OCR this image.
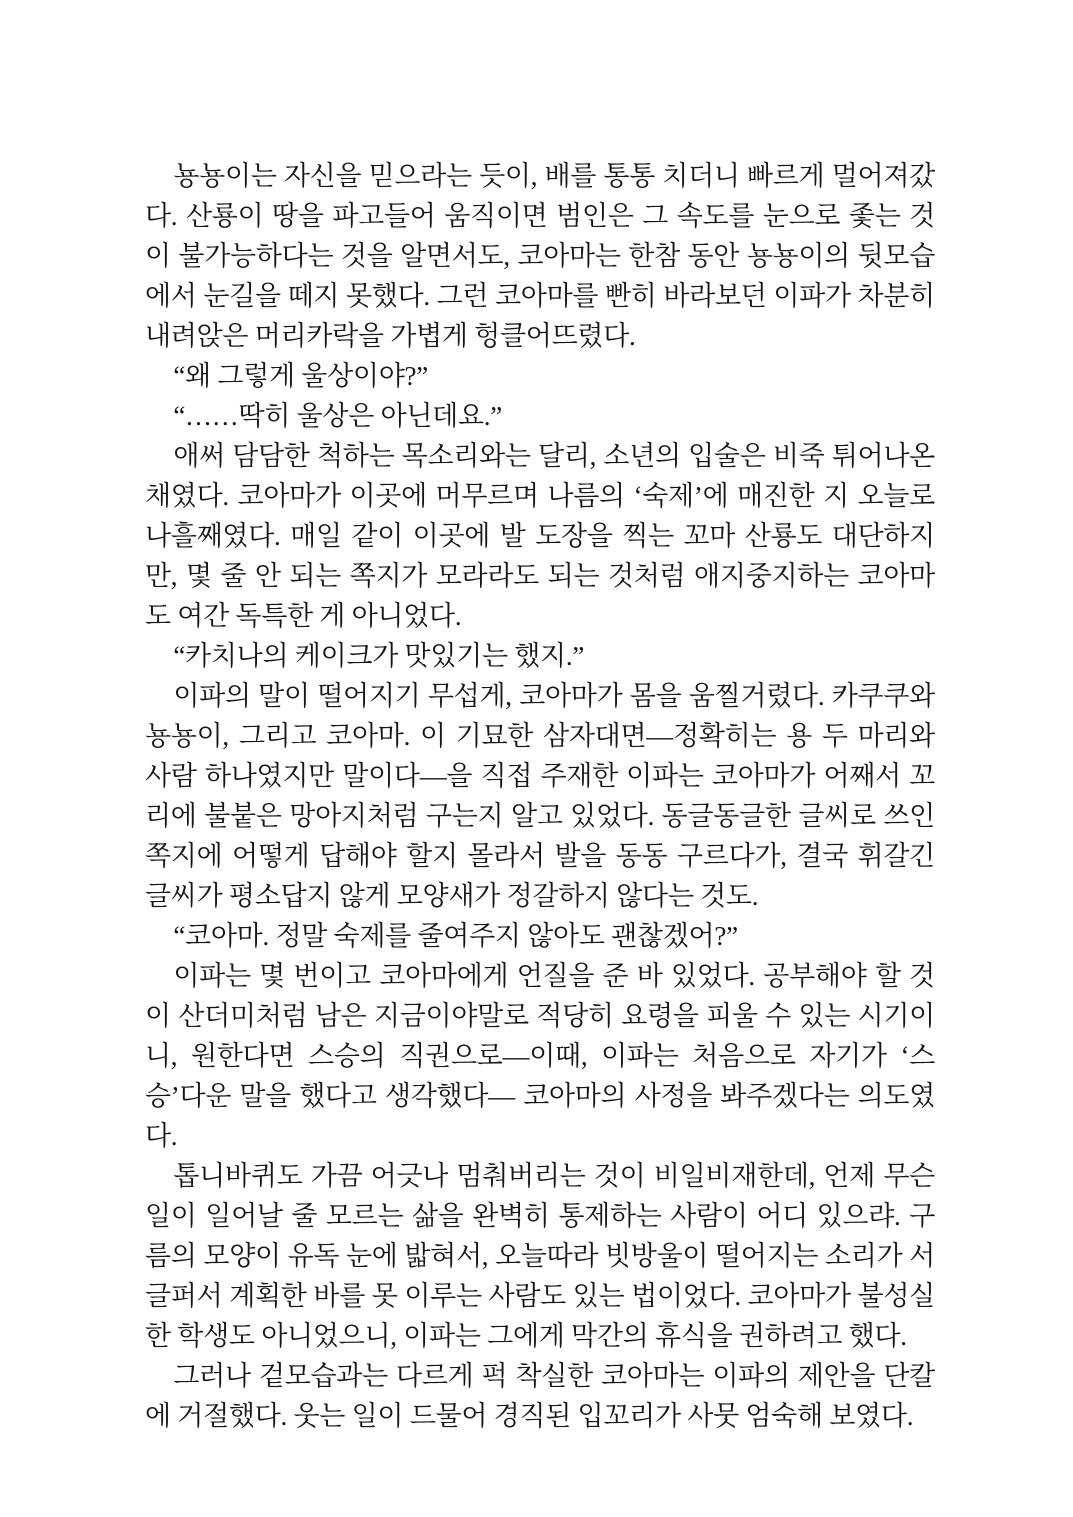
뇽뇽이는 자신을 믿으라는 듯이, 배를 통통 치더니 빠르게 멀어져갔다. 산룡이 땅을 파고들어 움직이면 범인은 그 속도를 눈으로 좇는 것이 불가능하다는 것을 알면서도, 코아마는 한참 동안 뇽뇽이의 뒷모습에서 눈길을 떼지 못했다. 그런 코아마를 빤히 바라보던 이파가 차분히 내려앉은 머리카락을 가볍게 헝클어뜨렸다.

“왜 그렇게 울상이야?”

“……딱히 울상은 아닌데요.”

애써 담담한 척하는 목소리와는 달리, 소년의 입술은 비죽 튀어나온 채였다. 코아마가 이곳에 머무르며 나름의 ‘숙제’에 매진한 지 오늘로 나흘째였다. 매일 같이 이곳에 발 도장을 찍는 꼬마 산룡도 대단하지만, 몇 줄 안 되는 쪽지가 모라라도 되는 것처럼 애지중지하는 코아마도 여간 독특한 게 아니었다.

“카치나의 케이크가 맛있기는 했지.”

이파의 말이 떨어지기 무섭게, 코아마가 몸을 움찔거렸다. 카쿠쿠와 뇽뇽이, 그리고 코아마. 이 기묘한 삼자대면—정확히는 용 두 마리와 사람 하나였지만 말이다—을 직접 주재한 이파는 코아마가 어째서 꼬리에 불붙은 망아지처럼 구는지 알고 있었다. 동글동글한 글씨로 쓰인 쪽지에 어떻게 답해야 할지 몰라서 발을 동동 구르다가, 결국 휘갈긴 글씨가 평소답지 않게 모양새가 정갈하지 않다는 것도.

“코아마. 정말 숙제를 줄여주지 않아도 괜찮겠어?”

이파는 몇 번이고 코아마에게 언질을 준 바 있었다. 공부해야 할 것이 산더미처럼 남은 지금이야말로 적당히 요령을 피울 수 있는 시기이니, 원한다면 스승의 직권으로—이때, 이파는 처음으로 자기가 ‘스승’다운 말을 했다고 생각했다— 코아마의 사정을 봐주겠다는 의도였다.

톱니바퀴도 가끔 어긋나 멈춰버리는 것이 비일비재한데, 언제 무슨 일이 일어날 줄 모르는 삶을 완벽히 통제하는 사람이 어디 있으랴. 구름의 모양이 유독 눈에 밟혀서, 오늘따라 빗방울이 떨어지는 소리가 서글퍼서 계획한 바를 못 이루는 사람도 있는 법이었다. 코아마가 불성실한 학생도 아니었으니, 이파는 그에게 막간의 휴식을 권하려고 했다.

그러나 겉모습과는 다르게 퍽 착실한 코아마는 이파의 제안을 단칼에 거절했다. 웃는 일이 드물어 경직된 입꼬리가 사뭇 엄숙해 보였다.
